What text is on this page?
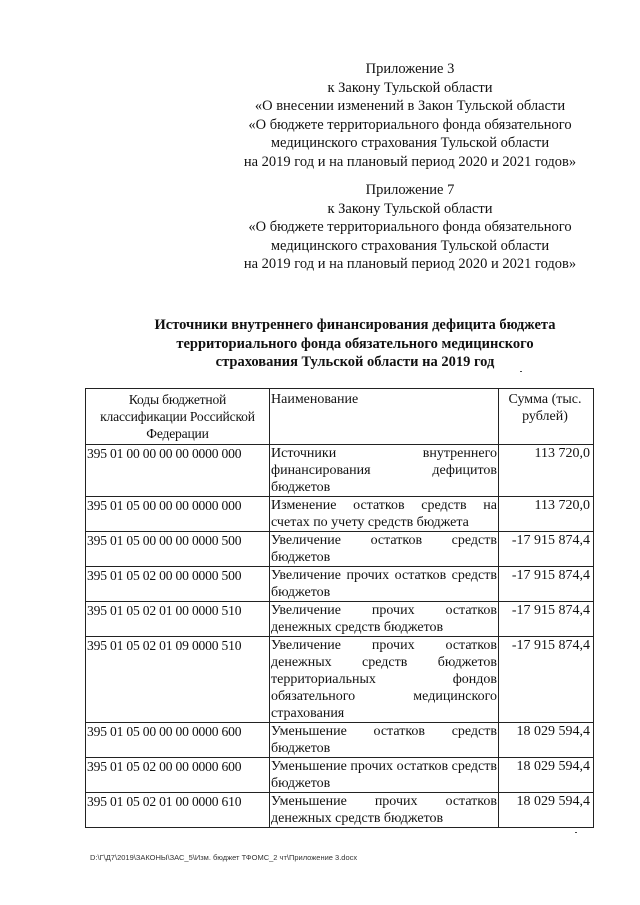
Приложение 3
к Закону Тульской области
«О внесении изменений в Закон Тульской области
«О бюджете территориального фонда обязательного
медицинского страхования Тульской области
на 2019 год и на плановый период 2020 и 2021 годов»
Приложение 7
к Закону Тульской области
«О бюджете территориального фонда обязательного
медицинского страхования Тульской области
на 2019 год и на плановый период 2020 и 2021 годов»
Источники внутреннего финансирования дефицита бюджета
территориального фонда обязательного медицинского
страхования Тульской области на 2019 год
Коды бюджетной классификации Российской Федерации	Наименование	Сумма (тыс. рублей)
395 01 00 00 00 00 0000 000	Источники внутреннего финансирования дефицитов бюджетов	113 720,0
395 01 05 00 00 00 0000 000	Изменение остатков средств на счетах по учету средств бюджета	113 720,0
395 01 05 00 00 00 0000 500	Увеличение остатков средств бюджетов	-17 915 874,4
395 01 05 02 00 00 0000 500	Увеличение прочих остатков средств бюджетов	-17 915 874,4
395 01 05 02 01 00 0000 510	Увеличение прочих остатков денежных средств бюджетов	-17 915 874,4
395 01 05 02 01 09 0000 510	Увеличение прочих остатков денежных средств бюджетов территориальных фондов обязательного медицинского страхования	-17 915 874,4
395 01 05 00 00 00 0000 600	Уменьшение остатков средств бюджетов	18 029 594,4
395 01 05 02 00 00 0000 600	Уменьшение прочих остатков средств бюджетов	18 029 594,4
395 01 05 02 01 00 0000 610	Уменьшение прочих остатков денежных средств бюджетов	18 029 594,4
D:\Г\Д7\2019\ЗАКОНЫ\ЗАС_5\Изм. бюджет ТФОМС_2 чт\Приложение 3.docx
